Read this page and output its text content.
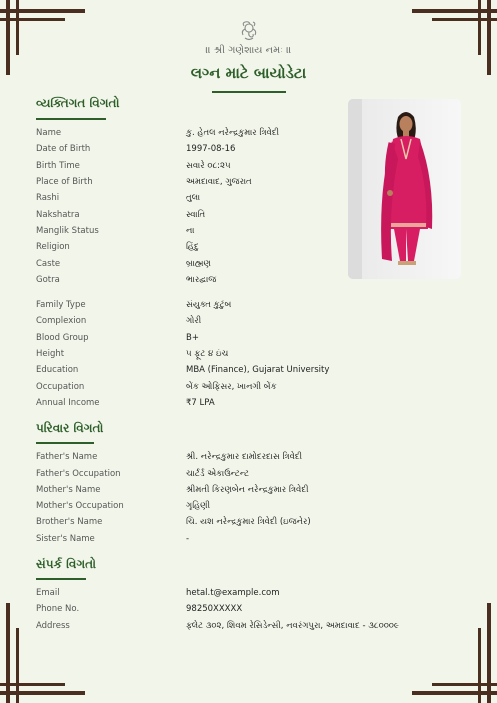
॥ શ્રી ગણેશાય નમઃ ॥
લગ્ન માટે બાયોડેટા
વ્યક્તિગત વિગતો
Name	કુ. હેતલ નરેન્દ્રકુમાર ત્રિવેદી
Date of Birth	1997-08-16
Birth Time	સવારે ૦૮:૨૫
Place of Birth	અમદાવાદ, ગુજરાત
Rashi	તુલા
Nakshatra	સ્વાતિ
Manglik Status	ના
Religion	હિંદુ
Caste	બ્રાહ્મણ
Gotra	ભારદ્વાજ
Family Type	સંયુક્ત કુટુંબ
Complexion	ગોરી
Blood Group	B+
Height	૫ ફૂટ ૪ ઇંચ
Education	MBA (Finance), Gujarat University
Occupation	બેંક ઓફિસર, ખાનગી બેંક
Annual Income	₹7 LPA
પરિવાર વિગતો
Father's Name	શ્રી. નરેન્દ્રકુમાર દામોદરદાસ ત્રિવેદી
Father's Occupation	ચાર્ટર્ડ એકાઉન્ટન્ટ
Mother's Name	શ્રીમતી કિરણબેન નરેન્દ્રકુમાર ત્રિવેદી
Mother's Occupation	ગૃહિણી
Brother's Name	ચિ. યશ નરેન્દ્રકુમાર ત્રિવેદી (ઇજનેર)
Sister's Name	-
સંપર્ક વિગતો
Email	hetal.t@example.com
Phone No.	98250XXXXX
Address	ફ્લેટ ૩૦૨, શિવમ રેસિડેન્સી, નવરંગપુરા, અમદાવાદ - ૩૮૦૦૦૯
